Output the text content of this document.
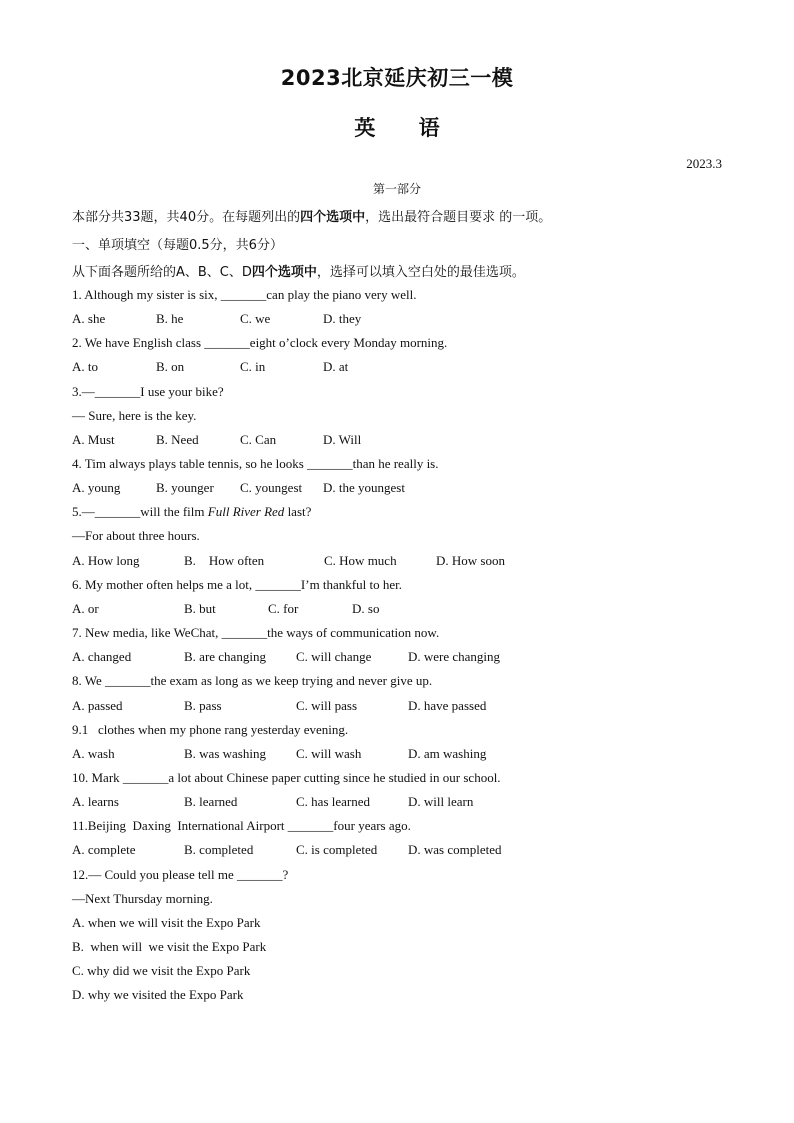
2023北京延庆初三一模
英 语
2023.3
第一部分
本部分共33题，共40分。在每题列出的四个选项中，选出最符合题目要求 的一项。
一、单项填空（每题0.5分，共6分）
从下面各题所给的A、B、C、D四个选项中，选择可以填入空白处的最佳选项。
1. Although my sister is six, _______can play the piano very well.
A. she	B. he	C. we	D. they
2. We have English class _______eight o’clock every Monday morning.
A. to	B. on	C. in	D. at
3.—_______I use your bike?
— Sure, here is the key.
A. Must	B. Need	C. Can	D. Will
4. Tim always plays table tennis, so he looks _______than he really is.
A. young	B. younger C. youngest D. the youngest
5.—_______will the film Full River Red last?
—For about three hours.
A. How long	B.    How often	C. How much	D. How soon
6. My mother often helps me a lot, _______I’m thankful to her.
A. or	B. but	C. for	D. so
7. New media, like WeChat, _______the ways of communication now.
A. changed	B. are changing C. will change	D. were changing
8. We _______the exam as long as we keep trying and never give up.
A. passed	B. pass	C. will pass	D. have passed
9.1   clothes when my phone rang yesterday evening.
A. wash	B. was washing C. will wash	D. am washing
10. Mark _______a lot about Chinese paper cutting since he studied in our school.
A. learns	B. learned	C. has learned	D. will learn
11.Beijing  Daxing  International Airport _______four years ago.
A. complete	B. completed	C. is completed D. was completed
12.— Could you please tell me _______?
—Next Thursday morning.
A. when we will visit the Expo Park
B.  when will  we visit the Expo Park
C. why did we visit the Expo Park
D. why we visited the Expo Park
